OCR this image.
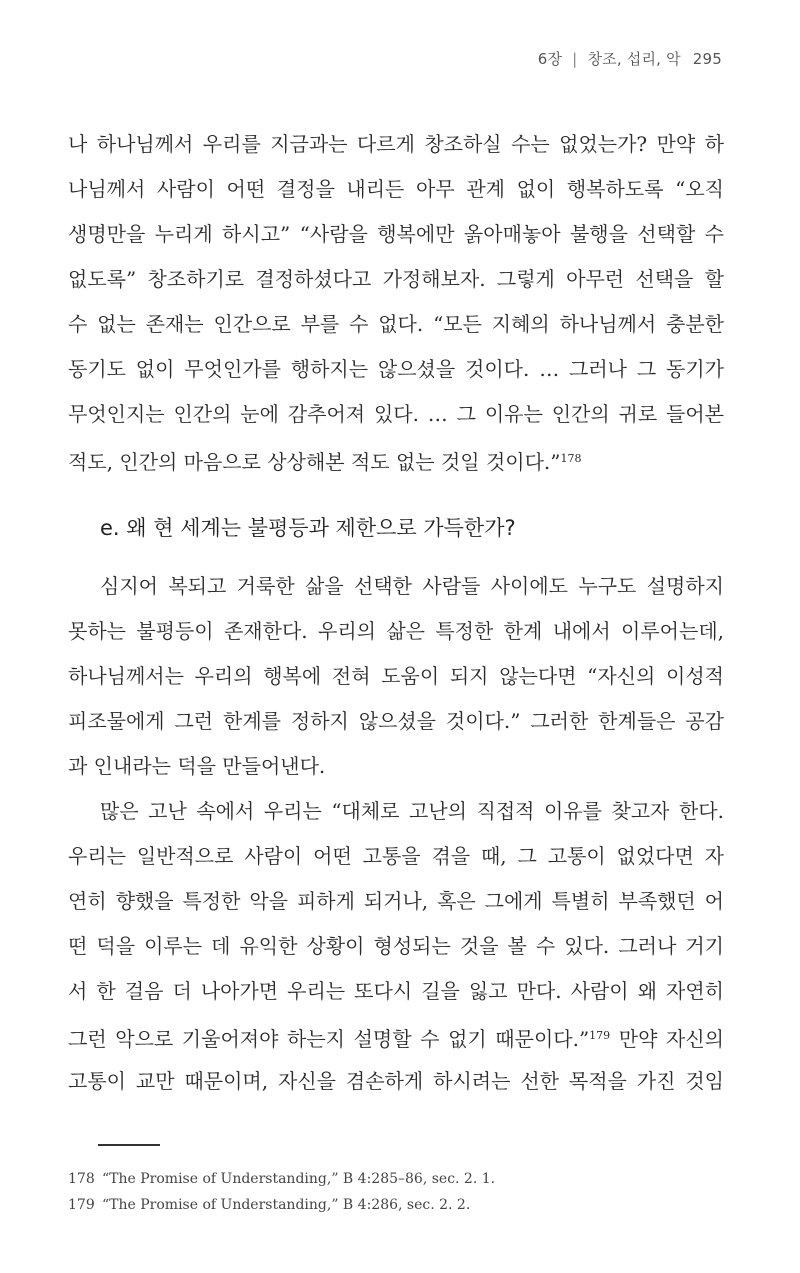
6장 | 창조, 섭리, 악 295
나 하나님께서 우리를 지금과는 다르게 창조하실 수는 없었는가? 만약 하
나님께서 사람이 어떤 결정을 내리든 아무 관계 없이 행복하도록 “오직
생명만을 누리게 하시고” “사람을 행복에만 옭아매놓아 불행을 선택할 수
없도록” 창조하기로 결정하셨다고 가정해보자. 그렇게 아무런 선택을 할
수 없는 존재는 인간으로 부를 수 없다. “모든 지혜의 하나님께서 충분한
동기도 없이 무엇인가를 행하지는 않으셨을 것이다. … 그러나 그 동기가
무엇인지는 인간의 눈에 감추어져 있다. … 그 이유는 인간의 귀로 들어본
적도, 인간의 마음으로 상상해본 적도 없는 것일 것이다.”$^{178}$
e. 왜 현 세계는 불평등과 제한으로 가득한가?
심지어 복되고 거룩한 삶을 선택한 사람들 사이에도 누구도 설명하지
못하는 불평등이 존재한다. 우리의 삶은 특정한 한계 내에서 이루어는데,
하나님께서는 우리의 행복에 전혀 도움이 되지 않는다면 “자신의 이성적
피조물에게 그런 한계를 정하지 않으셨을 것이다.” 그러한 한계들은 공감
과 인내라는 덕을 만들어낸다.
많은 고난 속에서 우리는 “대체로 고난의 직접적 이유를 찾고자 한다.
우리는 일반적으로 사람이 어떤 고통을 겪을 때, 그 고통이 없었다면 자
연히 향했을 특정한 악을 피하게 되거나, 혹은 그에게 특별히 부족했던 어
떤 덕을 이루는 데 유익한 상황이 형성되는 것을 볼 수 있다. 그러나 거기
서 한 걸음 더 나아가면 우리는 또다시 길을 잃고 만다. 사람이 왜 자연히
그런 악으로 기울어져야 하는지 설명할 수 없기 때문이다.”$^{179}$ 만약 자신의
고통이 교만 때문이며, 자신을 겸손하게 하시려는 선한 목적을 가진 것임
178 “The Promise of Understanding,” B 4:285–86, sec. 2. 1.
179 “The Promise of Understanding,” B 4:286, sec. 2. 2.
